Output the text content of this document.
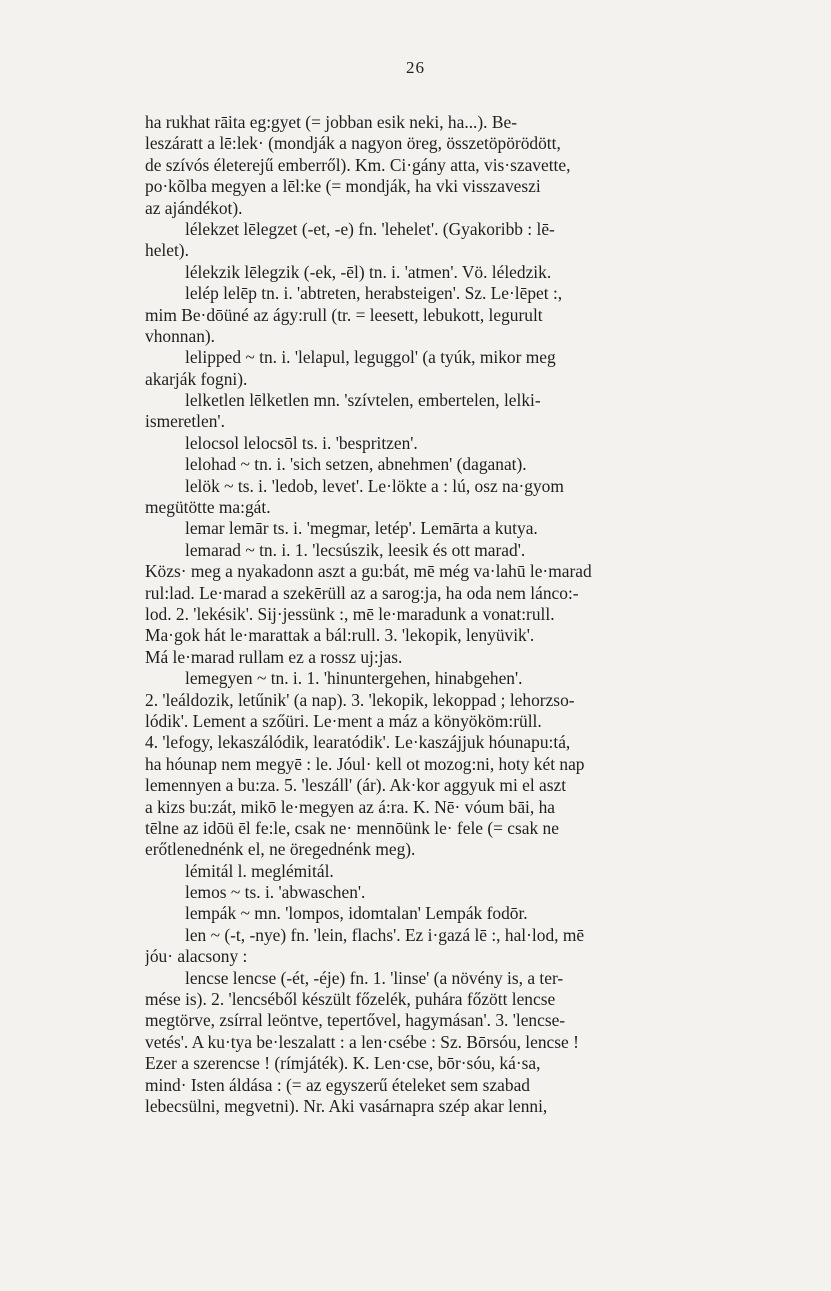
26
ha rukhat rāita eg:gyet (= jobban esik neki, ha...). Be-
leszáratt a lē:lek· (mondják a nagyon öreg, összetöpörödött,
de szívós életerejű emberről). Km. Ci·gány atta, vis·szavette,
po·kõlba megyen a lēl:ke (= mondják, ha vki visszaveszi
az ajándékot).
lélekzet lēlegzet (-et, -e) fn. 'lehelet'. (Gyakoribb : lē-
helet).
lélekzik lēlegzik (-ek, -ēl) tn. i. 'atmen'. Vö. léledzik.
lelép lelēp tn. i. 'abtreten, herabsteigen'. Sz. Le·lēpet :,
mim Be·dōüné az ágy:rull (tr. = leesett, lebukott, legurult
vhonnan).
lelipped ~ tn. i. 'lelapul, leguggol' (a tyúk, mikor meg
akarják fogni).
lelketlen lēlketlen mn. 'szívtelen, embertelen, lelki-
ismeretlen'.
lelocsol lelocsōl ts. i. 'bespritzen'.
lelohad ~ tn. i. 'sich setzen, abnehmen' (daganat).
lelök ~ ts. i. 'ledob, levet'. Le·lökte a : lú, osz na·gyom
megütötte ma:gát.
lemar lemār ts. i. 'megmar, letép'. Lemārta a kutya.
lemarad ~ tn. i. 1. 'lecsúszik, leesik és ott marad'.
Közs· meg a nyakadonn aszt a gu:bát, mē még va·lahū le·marad
rul:lad. Le·marad a szekērüll az a sarog:ja, ha oda nem lánco:-
lod. 2. 'lekésik'. Sij·jessünk :, mē le·maradunk a vonat:rull.
Ma·gok hát le·marattak a bál:rull. 3. 'lekopik, lenyüvik'.
Má le·marad rullam ez a rossz uj:jas.
lemegyen ~ tn. i. 1. 'hinuntergehen, hinabgehen'.
2. 'leáldozik, letűnik' (a nap). 3. 'lekopik, lekoppad ; lehorzso-
lódik'. Lement a szőüri. Le·ment a máz a könyököm:rüll.
4. 'lefogy, lekaszálódik, learatódik'. Le·kaszájjuk hóunapu:tá,
ha hóunap nem megyē : le. Jóul· kell ot mozog:ni, hoty két nap
lemennyen a bu:za. 5. 'leszáll' (ár). Ak·kor aggyuk mi el aszt
a kizs bu:zát, mikō le·megyen az á:ra. K. Nē· vóum bāi, ha
tēlne az idōü ēl fe:le, csak ne· mennōünk le· fele (= csak ne
erőtlenednénk el, ne öregednénk meg).
lémitál l. meglémitál.
lemos ~ ts. i. 'abwaschen'.
lempák ~ mn. 'lompos, idomtalan' Lempák fodōr.
len ~ (-t, -nye) fn. 'lein, flachs'. Ez i·gazá lē :, hal·lod, mē
jóu· alacsony :
lencse lencse (-ét, -éje) fn. 1. 'linse' (a növény is, a ter-
mése is). 2. 'lencséből készült főzelék, puhára főzött lencse
megtörve, zsírral leöntve, tepertővel, hagymásan'. 3. 'lencse-
vetés'. A ku·tya be·leszalatt : a len·csébe : Sz. Bōrsóu, lencse !
Ezer a szerencse ! (rímjáték). K. Len·cse, bōr·sóu, ká·sa,
mind· Isten áldása : (= az egyszerű ételeket sem szabad
lebecsülni, megvetni). Nr. Aki vasárnapra szép akar lenni,
